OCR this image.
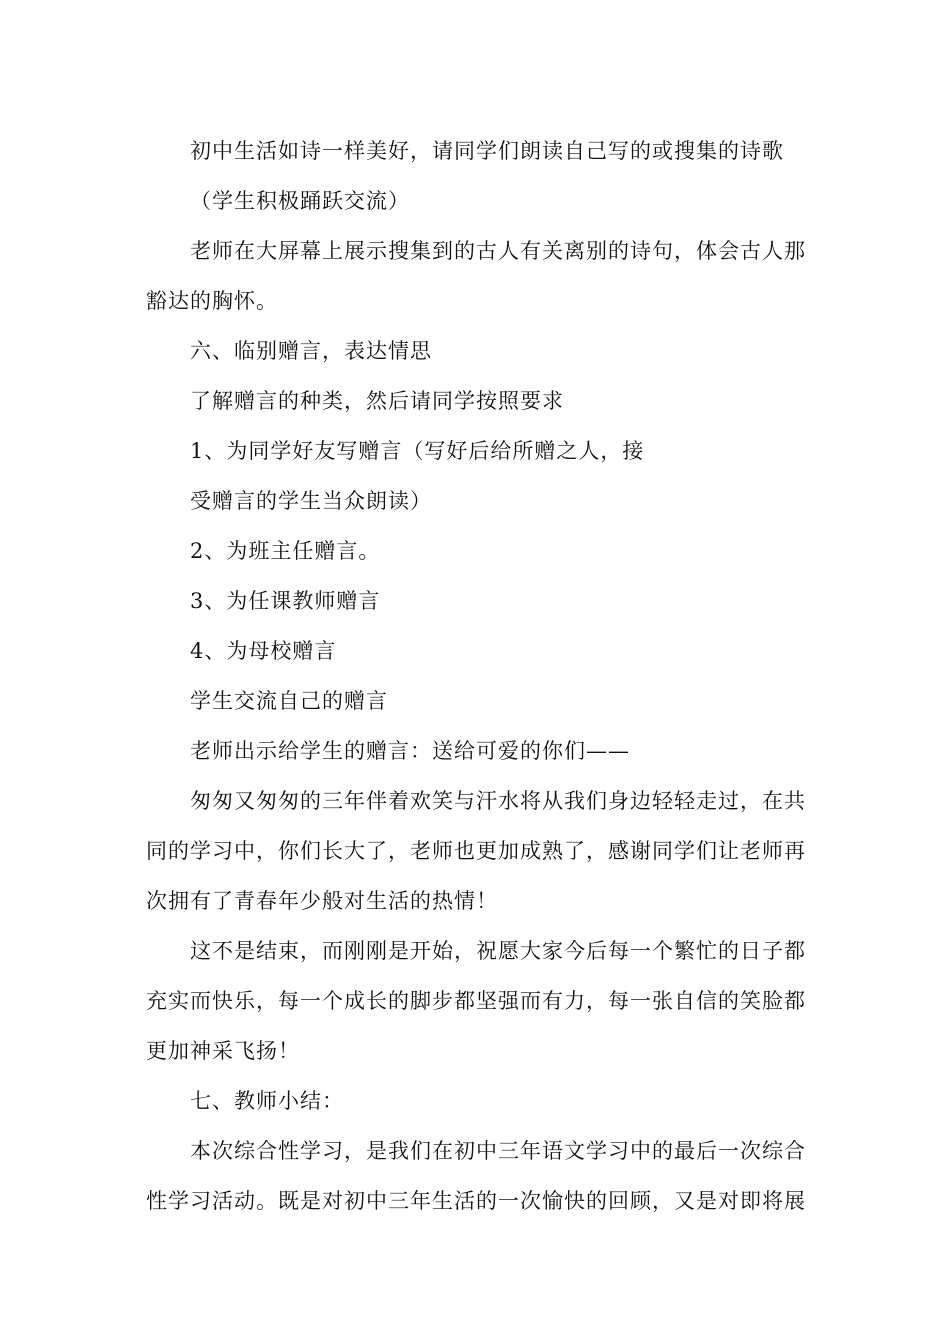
初中生活如诗一样美好，请同学们朗读自己写的或搜集的诗歌
（学生积极踊跃交流）
老师在大屏幕上展示搜集到的古人有关离别的诗句，体会古人那
豁达的胸怀。
六、临别赠言，表达情思
了解赠言的种类，然后请同学按照要求
1、为同学好友写赠言（写好后给所赠之人，接
受赠言的学生当众朗读）
2、为班主任赠言。
3、为任课教师赠言
4、为母校赠言
学生交流自己的赠言
老师出示给学生的赠言：送给可爱的你们——
匆匆又匆匆的三年伴着欢笑与汗水将从我们身边轻轻走过，在共
同的学习中，你们长大了，老师也更加成熟了，感谢同学们让老师再
次拥有了青春年少般对生活的热情！
这不是结束，而刚刚是开始，祝愿大家今后每一个繁忙的日子都
充实而快乐，每一个成长的脚步都坚强而有力，每一张自信的笑脸都
更加神采飞扬！
七、教师小结：
本次综合性学习，是我们在初中三年语文学习中的最后一次综合
性学习活动。既是对初中三年生活的一次愉快的回顾，又是对即将展
